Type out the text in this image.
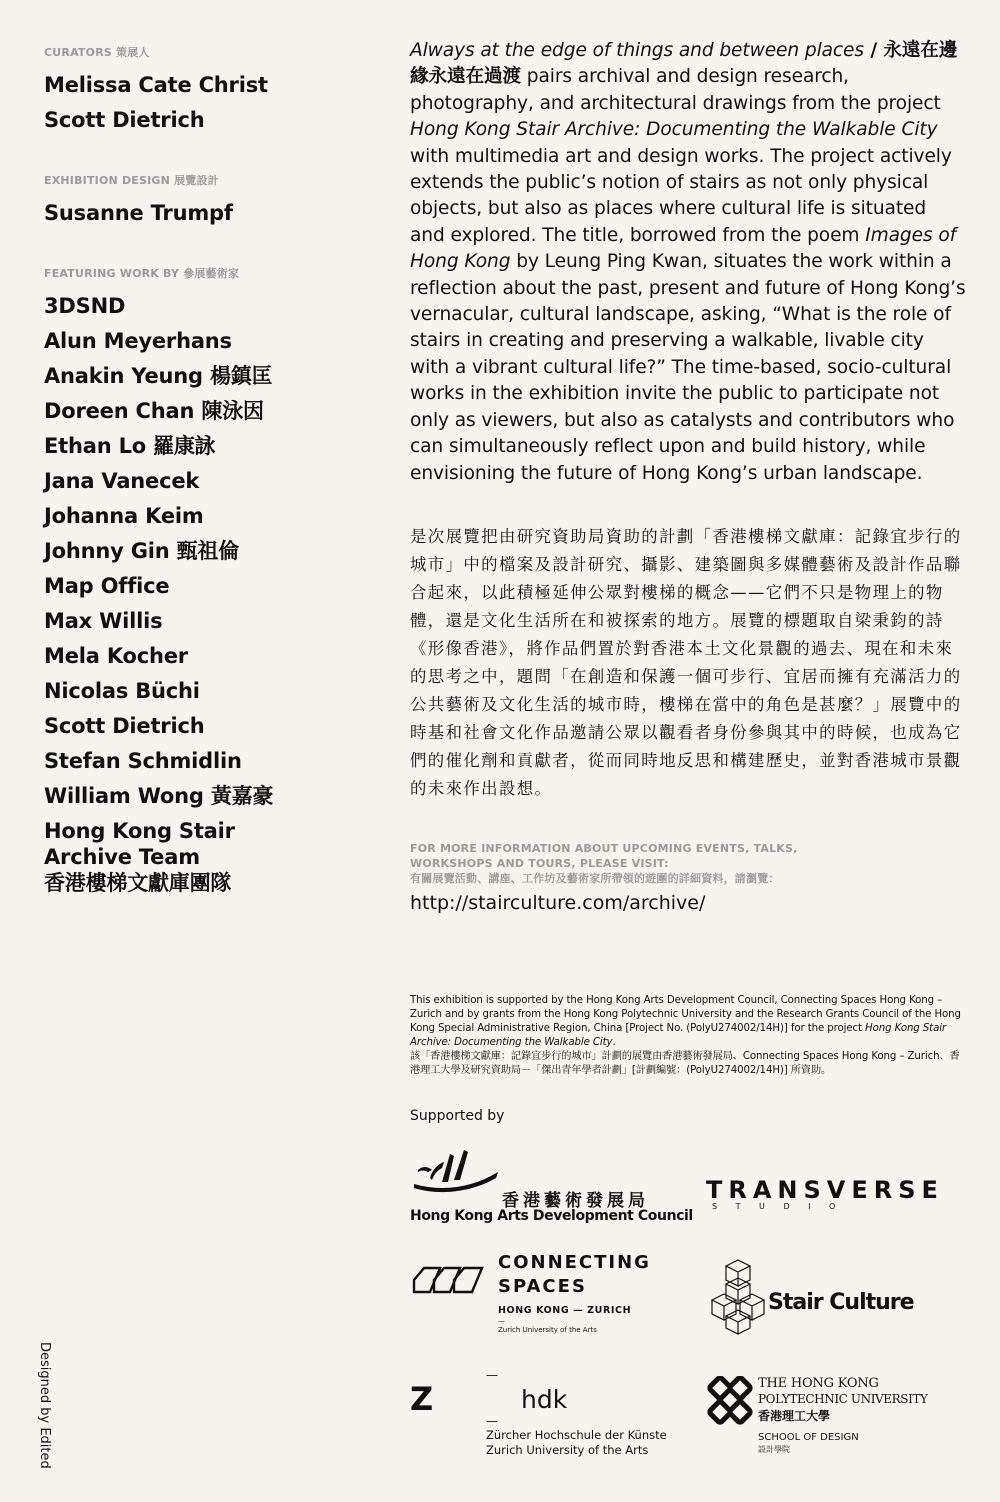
CURATORS 策展人

Melissa Cate Christ

Scott Dietrich

EXHIBITION DESIGN 展覽設計

Susanne Trumpf

FEATURING WORK BY 參展藝術家

3DSND

Alun Meyerhans

Anakin Yeung 楊鎮匡

Doreen Chan 陳泳因

Ethan Lo 羅康詠

Jana Vanecek

Johanna Keim

Johnny Gin 甄祖倫

Map Office

Max Willis

Mela Kocher

Nicolas Büchi

Scott Dietrich

Stefan Schmidlin

William Wong 黃嘉豪

Hong Kong Stair

Archive Team

香港樓梯文獻庫團隊

Designed by Edited

Always at the edge of things and between places / 永遠在邊緣永遠在過渡 pairs archival and design research, photography, and architectural drawings from the project Hong Kong Stair Archive: Documenting the Walkable City with multimedia art and design works. The project actively extends the public’s notion of stairs as not only physical objects, but also as places where cultural life is situated and explored. The title, borrowed from the poem Images of Hong Kong by Leung Ping Kwan, situates the work within a reflection about the past, present and future of Hong Kong’s vernacular, cultural landscape, asking, “What is the role of stairs in creating and preserving a walkable, livable city with a vibrant cultural life?” The time-based, socio-cultural works in the exhibition invite the public to participate not only as viewers, but also as catalysts and contributors who can simultaneously reflect upon and build history, while envisioning the future of Hong Kong’s urban landscape.

是次展覽把由研究資助局資助的計劃「香港樓梯文獻庫：記錄宜步行的城市」中的檔案及設計研究、攝影、建築圖與多媒體藝術及設計作品聯合起來，以此積極延伸公眾對樓梯的概念——它們不只是物理上的物體，還是文化生活所在和被探索的地方。展覽的標題取自梁秉鈞的詩《形像香港》，將作品們置於對香港本土文化景觀的過去、現在和未來的思考之中，題問「在創造和保護一個可步行、宜居而擁有充滿活力的公共藝術及文化生活的城市時，樓梯在當中的角色是甚麼？」展覽中的時基和社會文化作品邀請公眾以觀看者身份參與其中的時候，也成為它們的催化劑和貢獻者，從而同時地反思和構建歷史，並對香港城市景觀的未來作出設想。

FOR MORE INFORMATION ABOUT UPCOMING EVENTS, TALKS,

WORKSHOPS AND TOURS, PLEASE VISIT:

有關展覽活動、講座、工作坊及藝術家所帶領的遊團的詳細資料，請瀏覽：

http://stairculture.com/archive/
This exhibition is supported by the Hong Kong Arts Development Council, Connecting Spaces Hong Kong – Zurich and by grants from the Hong Kong Polytechnic University and the Research Grants Council of the Hong Kong Special Administrative Region, China [Project No. (PolyU274002/14H)] for the project Hong Kong Stair Archive: Documenting the Walkable City.
該「香港樓梯文獻庫：記錄宜步行的城市」計劃的展覽由香港藝術發展局、Connecting Spaces Hong Kong – Zurich、香港理工大學及研究資助局－「傑出青年學者計劃」[計劃編號：(PolyU274002/14H)] 所資助。
Supported by
香港藝術發展局
Hong Kong Arts Development Council
TRANSVERSE
S T U D I O
CONNECTING
SPACES
HONG KONG — ZURICH
—
Zurich University of the Arts
Stair Culture
Z
—
hdk
—
Zürcher Hochschule der Künste
Zurich University of the Arts
THE HONG KONG
POLYTECHNIC UNIVERSITY
香港理工大學
SCHOOL OF DESIGN
設計學院
